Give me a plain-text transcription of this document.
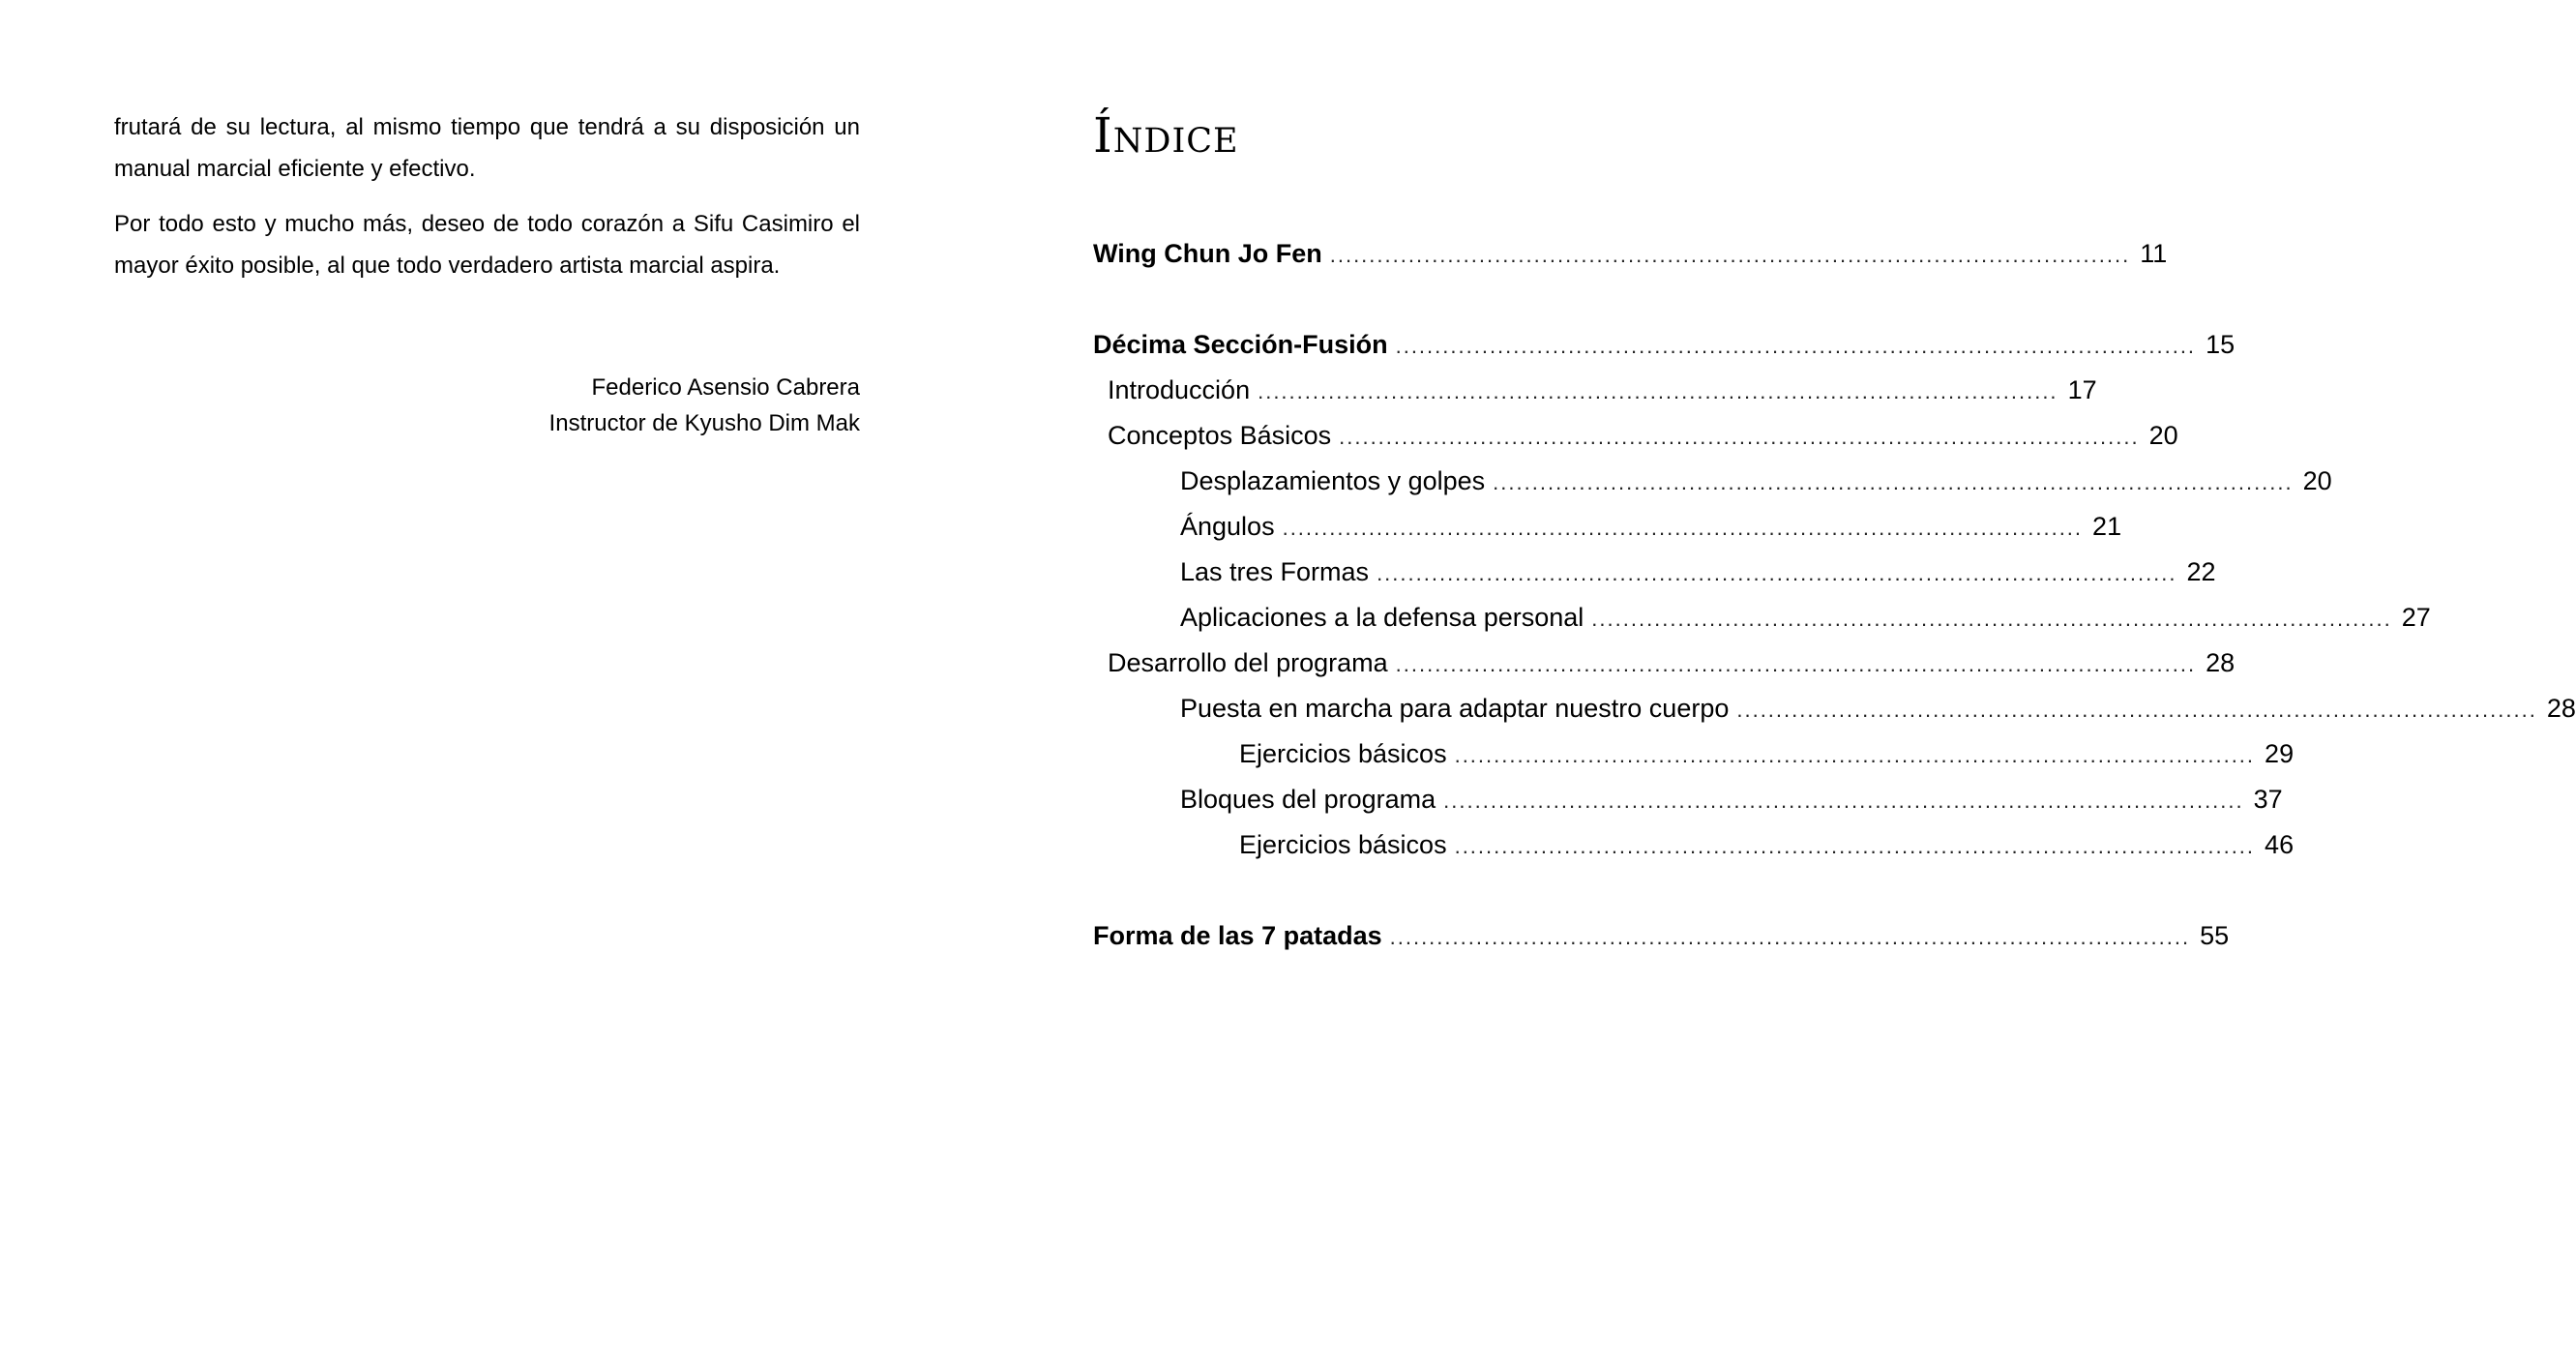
frutará de su lectura, al mismo tiempo que tendrá a su disposición un manual marcial eficiente y efectivo.

Por todo esto y mucho más, deseo de todo corazón a Sifu Casimiro el mayor éxito posible, al que todo verdadero artista marcial aspira.

Federico Asensio Cabrera
Instructor de Kyusho Dim Mak
Índice
Wing Chun Jo Fen ...................................................................................................... 11
Décima Sección-Fusión ...................................................................................................... 15
Introducción ...................................................................................................... 17
Conceptos Básicos ...................................................................................................... 20
Desplazamientos y golpes ...................................................................................................... 20
Ángulos ...................................................................................................... 21
Las tres Formas ...................................................................................................... 22
Aplicaciones a la defensa personal ...................................................................................................... 27
Desarrollo del programa ...................................................................................................... 28
Puesta en marcha para adaptar nuestro cuerpo ...................................................................................................... 28
Ejercicios básicos ...................................................................................................... 29
Bloques del programa ...................................................................................................... 37
Ejercicios básicos ...................................................................................................... 46
Forma de las 7 patadas ...................................................................................................... 55
